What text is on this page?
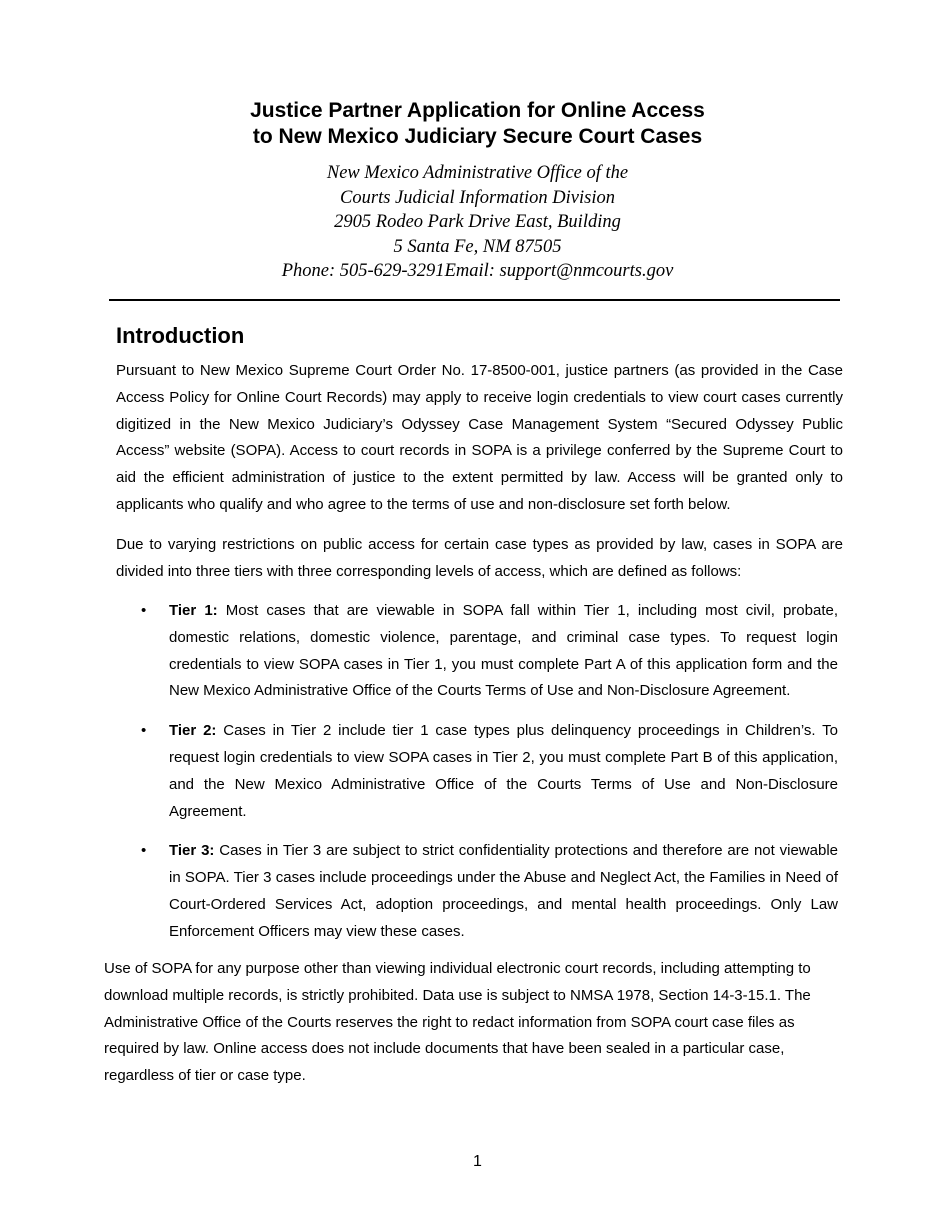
Justice Partner Application for Online Access
to New Mexico Judiciary Secure Court Cases
New Mexico Administrative Office of the
Courts Judicial Information Division
2905 Rodeo Park Drive East, Building
5 Santa Fe, NM 87505
Phone: 505-629-3291Email: support@nmcourts.gov
Introduction

Pursuant to New Mexico Supreme Court Order No. 17-8500-001, justice partners (as provided in the Case Access Policy for Online Court Records) may apply to receive login credentials to view court cases currently digitized in the New Mexico Judiciary’s Odyssey Case Management System “Secured Odyssey Public Access” website (SOPA). Access to court records in SOPA is a privilege conferred by the Supreme Court to aid the efficient administration of justice to the extent permitted by law. Access will be granted only to applicants who qualify and who agree to the terms of use and non-disclosure set forth below.

Due to varying restrictions on public access for certain case types as provided by law, cases in SOPA are divided into three tiers with three corresponding levels of access, which are defined as follows:

• Tier 1: Most cases that are viewable in SOPA fall within Tier 1, including most civil, probate, domestic relations, domestic violence, parentage, and criminal case types. To request login credentials to view SOPA cases in Tier 1, you must complete Part A of this application form and the New Mexico Administrative Office of the Courts Terms of Use and Non-Disclosure Agreement.

• Tier 2: Cases in Tier 2 include tier 1 case types plus delinquency proceedings in Children’s. To request login credentials to view SOPA cases in Tier 2, you must complete Part B of this application, and the New Mexico Administrative Office of the Courts Terms of Use and Non-Disclosure Agreement.

• Tier 3: Cases in Tier 3 are subject to strict confidentiality protections and therefore are not viewable in SOPA. Tier 3 cases include proceedings under the Abuse and Neglect Act, the Families in Need of Court-Ordered Services Act, adoption proceedings, and mental health proceedings. Only Law Enforcement Officers may view these cases.

Use of SOPA for any purpose other than viewing individual electronic court records, including attempting to download multiple records, is strictly prohibited. Data use is subject to NMSA 1978, Section 14-3-15.1. The Administrative Office of the Courts reserves the right to redact information from SOPA court case files as required by law. Online access does not include documents that have been sealed in a particular case, regardless of tier or case type.

1
